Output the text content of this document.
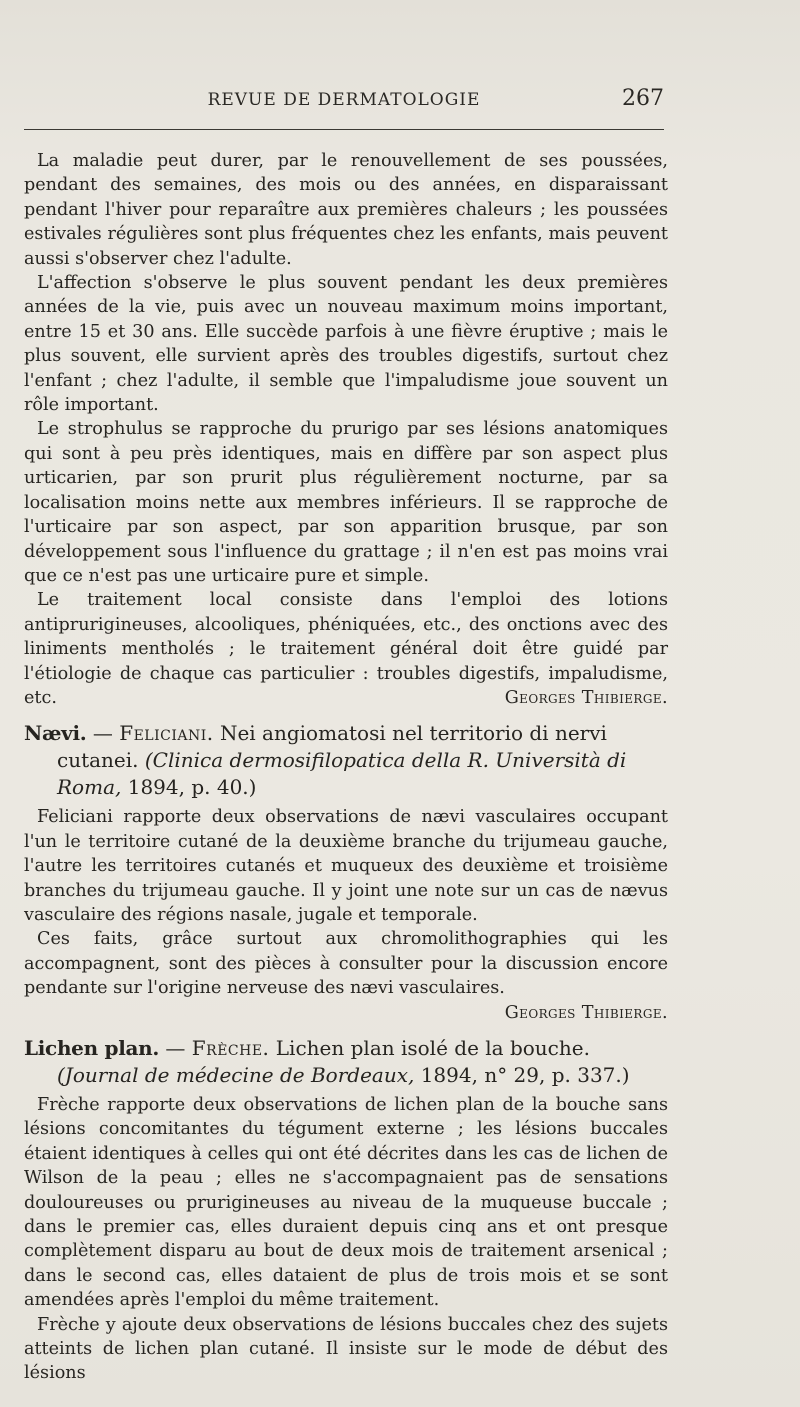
REVUE DE DERMATOLOGIE	267

La maladie peut durer, par le renouvellement de ses poussées, pendant des semaines, des mois ou des années, en disparaissant pendant l'hiver pour reparaître aux premières chaleurs ; les poussées estivales régulières sont plus fréquentes chez les enfants, mais peuvent aussi s'observer chez l'adulte.

L'affection s'observe le plus souvent pendant les deux premières années de la vie, puis avec un nouveau maximum moins important, entre 15 et 30 ans. Elle succède parfois à une fièvre éruptive ; mais le plus souvent, elle survient après des troubles digestifs, surtout chez l'enfant ; chez l'adulte, il semble que l'impaludisme joue souvent un rôle important.

Le strophulus se rapproche du prurigo par ses lésions anatomiques qui sont à peu près identiques, mais en diffère par son aspect plus urticarien, par son prurit plus régulièrement nocturne, par sa localisation moins nette aux membres inférieurs. Il se rapproche de l'urticaire par son aspect, par son apparition brusque, par son développement sous l'influence du grattage ; il n'en est pas moins vrai que ce n'est pas une urticaire pure et simple.

Le traitement local consiste dans l'emploi des lotions antiprurigineuses, alcooliques, phéniquées, etc., des onctions avec des liniments mentholés ; le traitement général doit être guidé par l'étiologie de chaque cas particulier : troubles digestifs, impaludisme, etc.	Georges Thibierge.

Nævi. — Feliciani. Nei angiomatosi nel territorio di nervi cutanei. (Clinica dermosifilopatica della R. Università di Roma, 1894, p. 40.)

Feliciani rapporte deux observations de nævi vasculaires occupant l'un le territoire cutané de la deuxième branche du trijumeau gauche, l'autre les territoires cutanés et muqueux des deuxième et troisième branches du trijumeau gauche. Il y joint une note sur un cas de nævus vasculaire des régions nasale, jugale et temporale.

Ces faits, grâce surtout aux chromolithographies qui les accompagnent, sont des pièces à consulter pour la discussion encore pendante sur l'origine nerveuse des nævi vasculaires.
Georges Thibierge.

Lichen plan. — Frèche. Lichen plan isolé de la bouche. (Journal de médecine de Bordeaux, 1894, n° 29, p. 337.)

Frèche rapporte deux observations de lichen plan de la bouche sans lésions concomitantes du tégument externe ; les lésions buccales étaient identiques à celles qui ont été décrites dans les cas de lichen de Wilson de la peau ; elles ne s'accompagnaient pas de sensations douloureuses ou prurigineuses au niveau de la muqueuse buccale ; dans le premier cas, elles duraient depuis cinq ans et ont presque complètement disparu au bout de deux mois de traitement arsenical ; dans le second cas, elles dataient de plus de trois mois et se sont amendées après l'emploi du même traitement.

Frèche y ajoute deux observations de lésions buccales chez des sujets atteints de lichen plan cutané. Il insiste sur le mode de début des lésions
